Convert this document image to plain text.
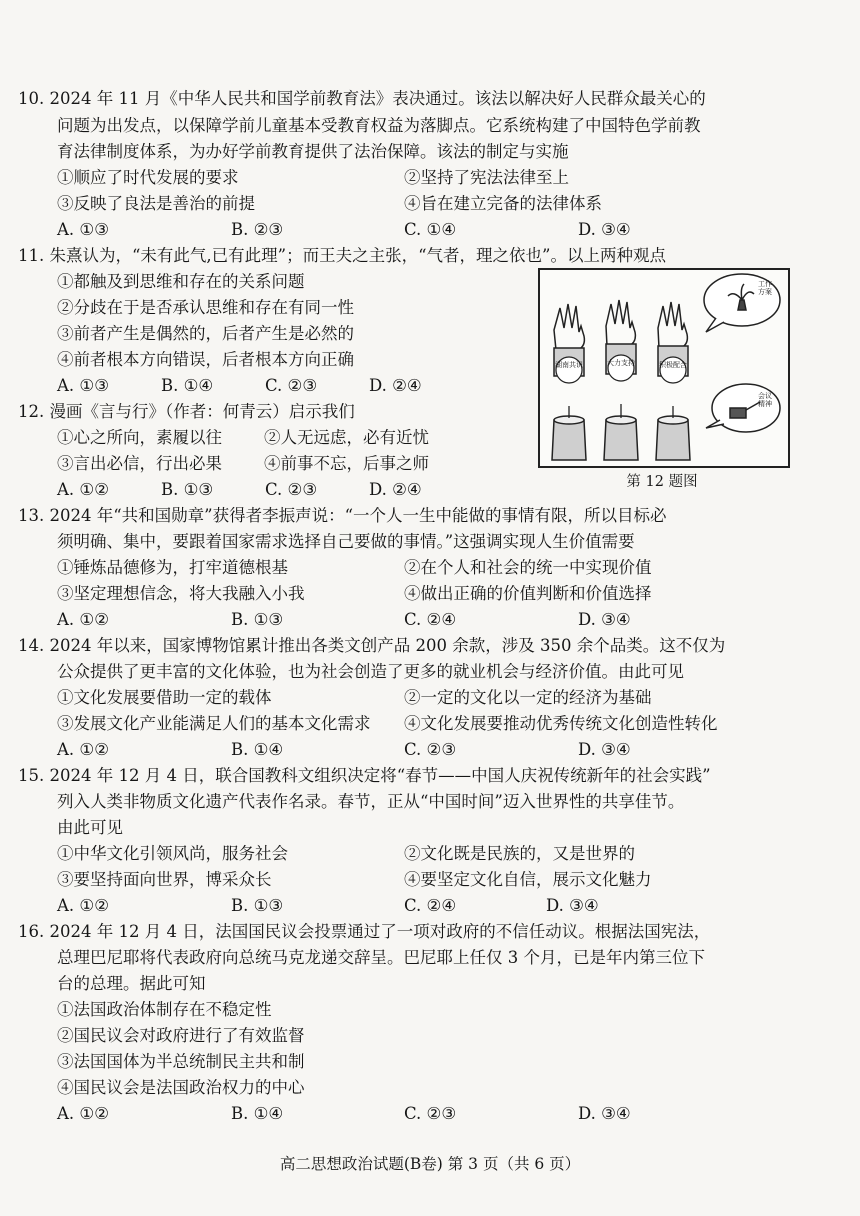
10. 2024 年 11 月《中华人民共和国学前教育法》表决通过。该法以解决好人民群众最关心的
问题为出发点，以保障学前儿童基本受教育权益为落脚点。它系统构建了中国特色学前教
育法律制度体系，为办好学前教育提供了法治保障。该法的制定与实施
①顺应了时代发展的要求	②坚持了宪法法律至上
③反映了良法是善治的前提	④旨在建立完备的法律体系
A. ①③	B. ②③	C. ①④	D. ③④
11. 朱熹认为，“未有此气,已有此理”；而王夫之主张，“气者，理之依也”。以上两种观点
①都触及到思维和存在的关系问题
②分歧在于是否承认思维和存在有同一性
③前者产生是偶然的，后者产生是必然的
④前者根本方向错误，后者根本方向正确
A. ①③	B. ①④	C. ②③	D. ②④
12. 漫画《言与行》（作者：何青云）启示我们
①心之所向，素履以往	②人无远虑，必有近忧
③言出必信，行出必果	④前事不忘，后事之师
A. ①②	B. ①③	C. ②③	D. ②④
湖南共识	大力支持	积极配合
工作方案
会议精神
第 12 题图
13. 2024 年“共和国勋章”获得者李振声说：“一个人一生中能做的事情有限，所以目标必
须明确、集中，要跟着国家需求选择自己要做的事情。”这强调实现人生价值需要
①锤炼品德修为，打牢道德根基	②在个人和社会的统一中实现价值
③坚定理想信念，将大我融入小我	④做出正确的价值判断和价值选择
A. ①②	B. ①③	C. ②④	D. ③④
14. 2024 年以来，国家博物馆累计推出各类文创产品 200 余款，涉及 350 余个品类。这不仅为
公众提供了更丰富的文化体验，也为社会创造了更多的就业机会与经济价值。由此可见
①文化发展要借助一定的载体	②一定的文化以一定的经济为基础
③发展文化产业能满足人们的基本文化需求 ④文化发展要推动优秀传统文化创造性转化
A. ①②	B. ①④	C. ②③	D. ③④
15. 2024 年 12 月 4 日，联合国教科文组织决定将“春节——中国人庆祝传统新年的社会实践”
列入人类非物质文化遗产代表作名录。春节，正从“中国时间”迈入世界性的共享佳节。
由此可见
①中华文化引领风尚，服务社会	②文化既是民族的，又是世界的
③要坚持面向世界，博采众长	④要坚定文化自信，展示文化魅力
A. ①②	B. ①③	C. ②④	D. ③④
16. 2024 年 12 月 4 日，法国国民议会投票通过了一项对政府的不信任动议。根据法国宪法，
总理巴尼耶将代表政府向总统马克龙递交辞呈。巴尼耶上任仅 3 个月，已是年内第三位下
台的总理。据此可知
①法国政治体制存在不稳定性
②国民议会对政府进行了有效监督
③法国国体为半总统制民主共和制
④国民议会是法国政治权力的中心
A. ①②	B. ①④	C. ②③	D. ③④
高二思想政治试题(B卷) 第 3 页（共 6 页）
